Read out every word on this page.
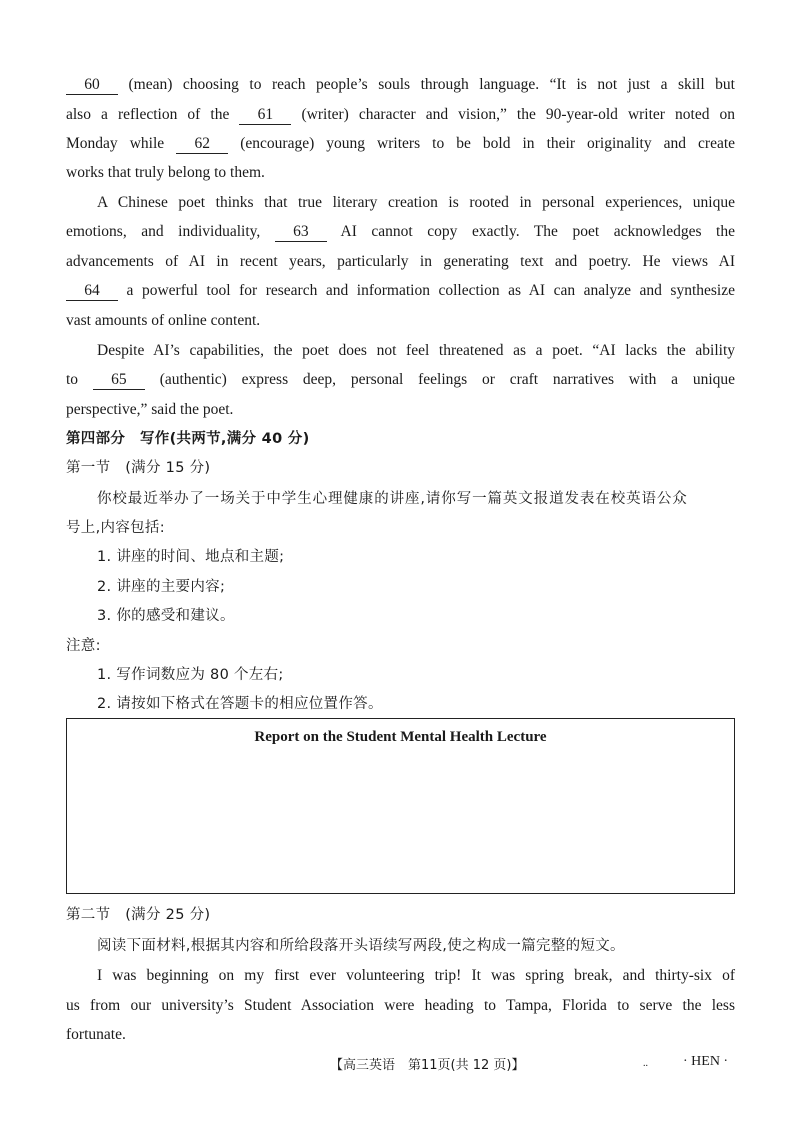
60 (mean) choosing to reach people’s souls through language. “It is not just a skill but
also a reflection of the 61 (writer) character and vision,” the 90-year-old writer noted on
Monday while 62 (encourage) young writers to be bold in their originality and create
works that truly belong to them.
A Chinese poet thinks that true literary creation is rooted in personal experiences, unique
emotions, and individuality, 63 AI cannot copy exactly. The poet acknowledges the
advancements of AI in recent years, particularly in generating text and poetry. He views AI
64 a powerful tool for research and information collection as AI can analyze and synthesize
vast amounts of online content.
Despite AI’s capabilities, the poet does not feel threatened as a poet. “AI lacks the ability
to 65 (authentic) express deep, personal feelings or craft narratives with a unique
perspective,” said the poet.
第四部分　写作(共两节,满分 40 分)
第一节　(满分 15 分)
你校最近举办了一场关于中学生心理健康的讲座,请你写一篇英文报道发表在校英语公众
号上,内容包括:
1. 讲座的时间、地点和主题;
2. 讲座的主要内容;
3. 你的感受和建议。
注意:
1. 写作词数应为 80 个左右;
2. 请按如下格式在答题卡的相应位置作答。
Report on the Student Mental Health Lecture
第二节　(满分 25 分)
阅读下面材料,根据其内容和所给段落开头语续写两段,使之构成一篇完整的短文。
I was beginning on my first ever volunteering trip! It was spring break, and thirty-six of
us from our university’s Student Association were heading to Tampa, Florida to serve the less
fortunate.
【高三英语　第11页(共 12 页)】	..	· HEN ·
